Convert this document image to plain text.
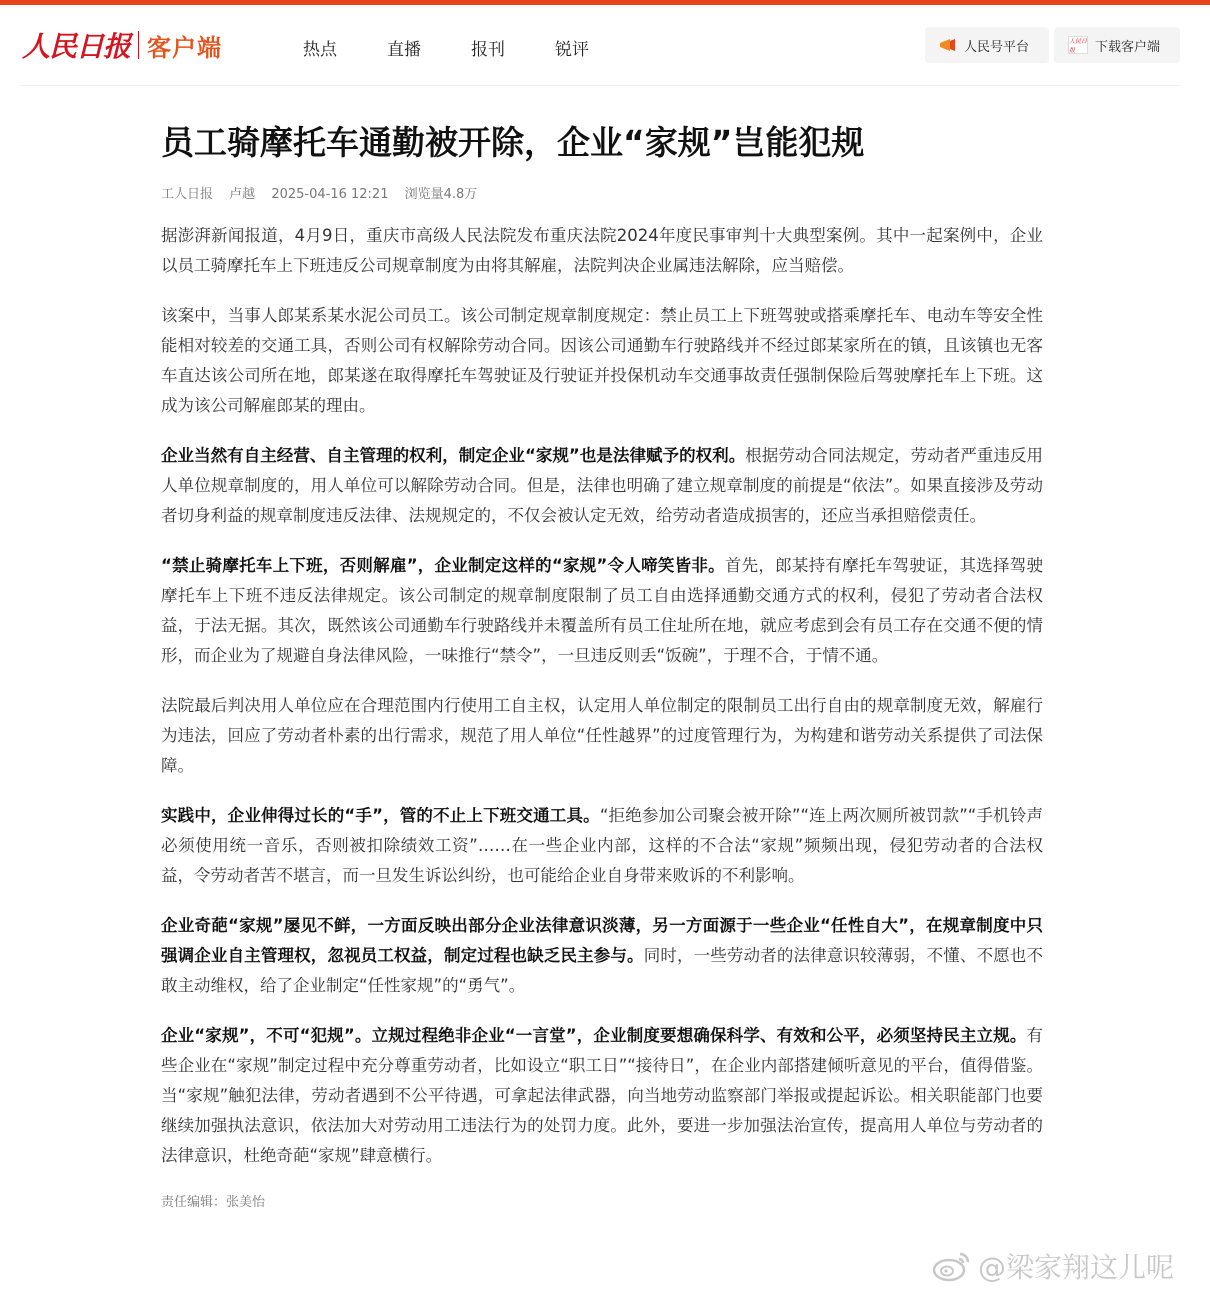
人民日报 客户端	热点	直播	报刊	锐评	人民号平台	人民日报	下载客户端
员工骑摩托车通勤被开除，企业“家规”岂能犯规
工人日报 卢越 2025-04-16 12:21 浏览量4.8万

据澎湃新闻报道，4月9日，重庆市高级人民法院发布重庆法院2024年度民事审判十大典型案例。其中一起案例中，企业以员工骑摩托车上下班违反公司规章制度为由将其解雇，法院判决企业属违法解除，应当赔偿。

该案中，当事人郎某系某水泥公司员工。该公司制定规章制度规定：禁止员工上下班驾驶或搭乘摩托车、电动车等安全性能相对较差的交通工具，否则公司有权解除劳动合同。因该公司通勤车行驶路线并不经过郎某家所在的镇，且该镇也无客车直达该公司所在地，郎某遂在取得摩托车驾驶证及行驶证并投保机动车交通事故责任强制保险后驾驶摩托车上下班。这成为该公司解雇郎某的理由。

企业当然有自主经营、自主管理的权利，制定企业“家规”也是法律赋予的权利。根据劳动合同法规定，劳动者严重违反用人单位规章制度的，用人单位可以解除劳动合同。但是，法律也明确了建立规章制度的前提是“依法”。如果直接涉及劳动者切身利益的规章制度违反法律、法规规定的，不仅会被认定无效，给劳动者造成损害的，还应当承担赔偿责任。

“禁止骑摩托车上下班，否则解雇”，企业制定这样的“家规”令人啼笑皆非。首先，郎某持有摩托车驾驶证，其选择驾驶摩托车上下班不违反法律规定。该公司制定的规章制度限制了员工自由选择通勤交通方式的权利，侵犯了劳动者合法权益，于法无据。其次，既然该公司通勤车行驶路线并未覆盖所有员工住址所在地，就应考虑到会有员工存在交通不便的情形，而企业为了规避自身法律风险，一味推行“禁令”，一旦违反则丢“饭碗”，于理不合，于情不通。

法院最后判决用人单位应在合理范围内行使用工自主权，认定用人单位制定的限制员工出行自由的规章制度无效，解雇行为违法，回应了劳动者朴素的出行需求，规范了用人单位“任性越界”的过度管理行为，为构建和谐劳动关系提供了司法保障。

实践中，企业伸得过长的“手”，管的不止上下班交通工具。“拒绝参加公司聚会被开除”“连上两次厕所被罚款”“手机铃声必须使用统一音乐，否则被扣除绩效工资”……在一些企业内部，这样的不合法“家规”频频出现，侵犯劳动者的合法权益，令劳动者苦不堪言，而一旦发生诉讼纠纷，也可能给企业自身带来败诉的不利影响。

企业奇葩“家规”屡见不鲜，一方面反映出部分企业法律意识淡薄，另一方面源于一些企业“任性自大”，在规章制度中只强调企业自主管理权，忽视员工权益，制定过程也缺乏民主参与。同时，一些劳动者的法律意识较薄弱，不懂、不愿也不敢主动维权，给了企业制定“任性家规”的“勇气”。

企业“家规”，不可“犯规”。立规过程绝非企业“一言堂”，企业制度要想确保科学、有效和公平，必须坚持民主立规。有些企业在“家规”制定过程中充分尊重劳动者，比如设立“职工日”“接待日”，在企业内部搭建倾听意见的平台，值得借鉴。当“家规”触犯法律，劳动者遇到不公平待遇，可拿起法律武器，向当地劳动监察部门举报或提起诉讼。相关职能部门也要继续加强执法意识，依法加大对劳动用工违法行为的处罚力度。此外，要进一步加强法治宣传，提高用人单位与劳动者的法律意识，杜绝奇葩“家规”肆意横行。

责任编辑：张美怡
@梁家翔这儿呢
